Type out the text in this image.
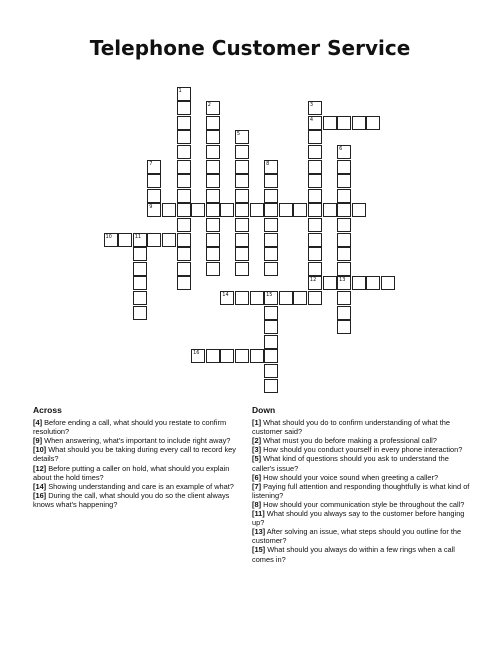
Telephone Customer Service
1
2	3
4
5
6
7	8
9
10	11
12	13
14	15
16
Across

[4] Before ending a call, what should you restate to confirm resolution?

[9] When answering, what's important to include right away?

[10] What should you be taking during every call to record key details?

[12] Before putting a caller on hold, what should you explain about the hold times?

[14] Showing understanding and care is an example of what?

[16] During the call, what should you do so the client always knows what's happening?

Down

[1] What should you do to confirm understanding of what the customer said?

[2] What must you do before making a professional call?

[3] How should you conduct yourself in every phone interaction?

[5] What kind of questions should you ask to understand the caller's issue?

[6] How should your voice sound when greeting a caller?

[7] Paying full attention and responding thoughtfully is what kind of listening?

[8] How should your communication style be throughout the call?

[11] What should you always say to the customer before hanging up?

[13] After solving an issue, what steps should you outline for the customer?

[15] What should you always do within a few rings when a call comes in?
